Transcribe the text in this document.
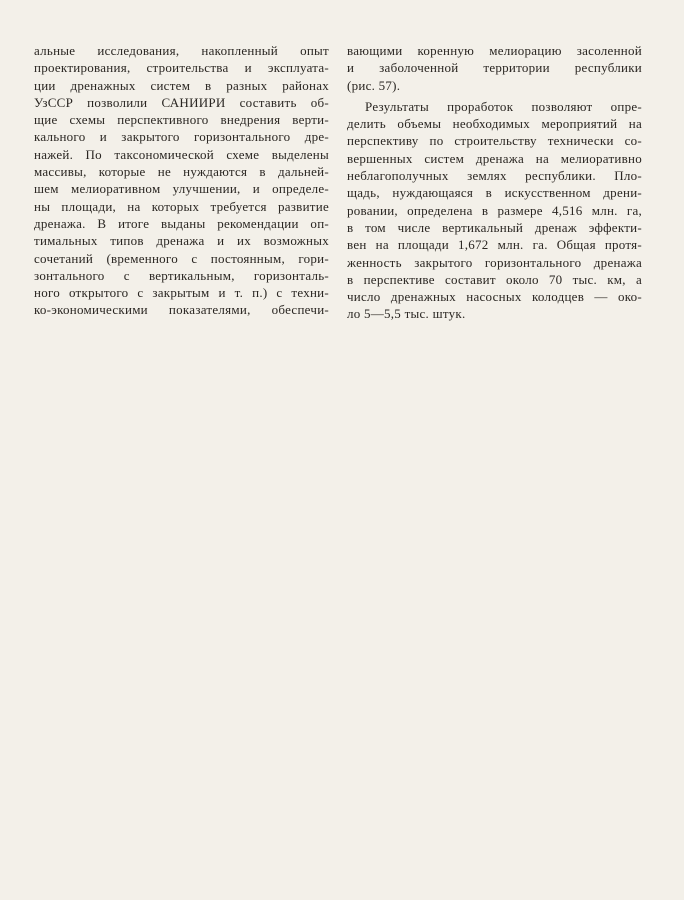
альные исследования, накопленный опыт
проектирования, строительства и эксплуата-
ции дренажных систем в разных районах
УзССР позволили САНИИРИ составить об-
щие схемы перспективного внедрения верти-
кального и закрытого горизонтального дре-
нажей. По таксономической схеме выделены
массивы, которые не нуждаются в дальней-
шем мелиоративном улучшении, и определе-
ны площади, на которых требуется развитие
дренажа. В итоге выданы рекомендации оп-
тимальных типов дренажа и их возможных
сочетаний (временного с постоянным, гори-
зонтального с вертикальным, горизонталь-
ного открытого с закрытым и т. п.) с техни-
ко-экономическими показателями, обеспечи-
вающими коренную мелиорацию засоленной
и заболоченной территории республики
(рис. 57).
Результаты проработок позволяют опре-
делить объемы необходимых мероприятий на
перспективу по строительству технически со-
вершенных систем дренажа на мелиоративно
неблагополучных землях республики. Пло-
щадь, нуждающаяся в искусственном дрени-
ровании, определена в размере 4,516 млн. га,
в том числе вертикальный дренаж эффекти-
вен на площади 1,672 млн. га. Общая протя-
женность закрытого горизонтального дренажа
в перспективе составит около 70 тыс. км, а
число дренажных насосных колодцев — око-
ло 5—5,5 тыс. штук.
